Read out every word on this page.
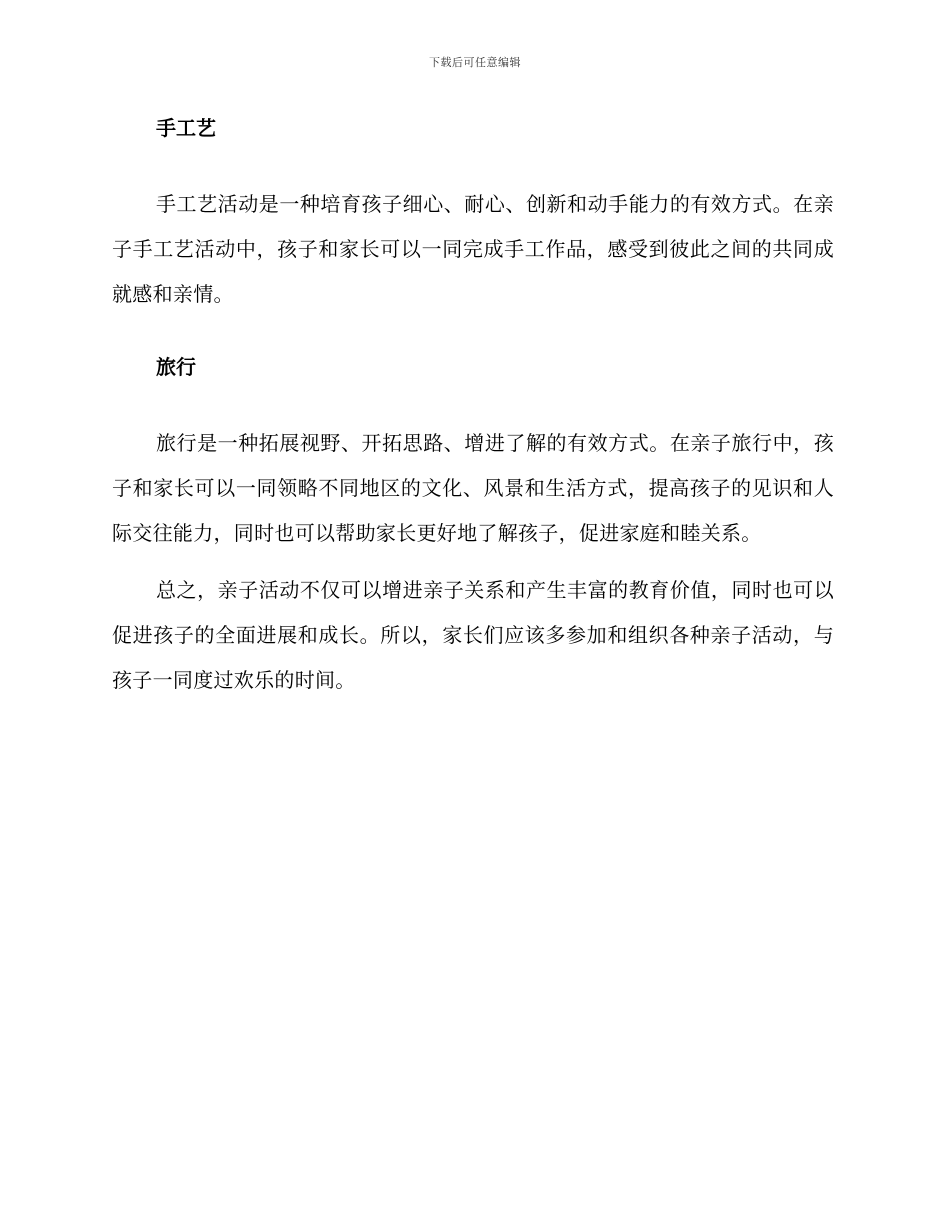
下载后可任意编辑
手工艺

手工艺活动是一种培育孩子细心、耐心、创新和动手能力的有效方式。在亲子手工艺活动中，孩子和家长可以一同完成手工作品，感受到彼此之间的共同成就感和亲情。

旅行

旅行是一种拓展视野、开拓思路、增进了解的有效方式。在亲子旅行中，孩子和家长可以一同领略不同地区的文化、风景和生活方式，提高孩子的见识和人际交往能力，同时也可以帮助家长更好地了解孩子，促进家庭和睦关系。

总之，亲子活动不仅可以增进亲子关系和产生丰富的教育价值，同时也可以促进孩子的全面进展和成长。所以，家长们应该多参加和组织各种亲子活动，与孩子一同度过欢乐的时间。
